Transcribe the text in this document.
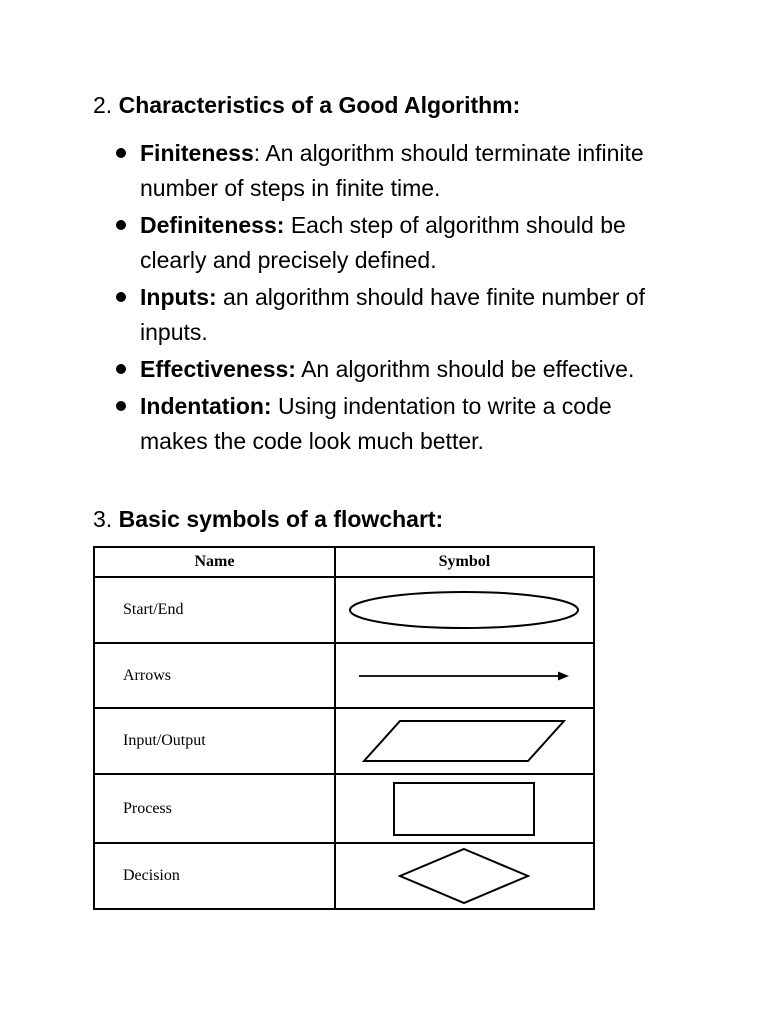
2. Characteristics of a Good Algorithm:
Finiteness: An algorithm should terminate infinite number of steps in finite time.
Definiteness: Each step of algorithm should be clearly and precisely defined.
Inputs: an algorithm should have finite number of inputs.
Effectiveness: An algorithm should be effective.
Indentation: Using indentation to write a code makes the code look much better.
3. Basic symbols of a flowchart:
Name	Symbol
Start/End	

Arrows	

Input/Output	

Process	

Decision	
